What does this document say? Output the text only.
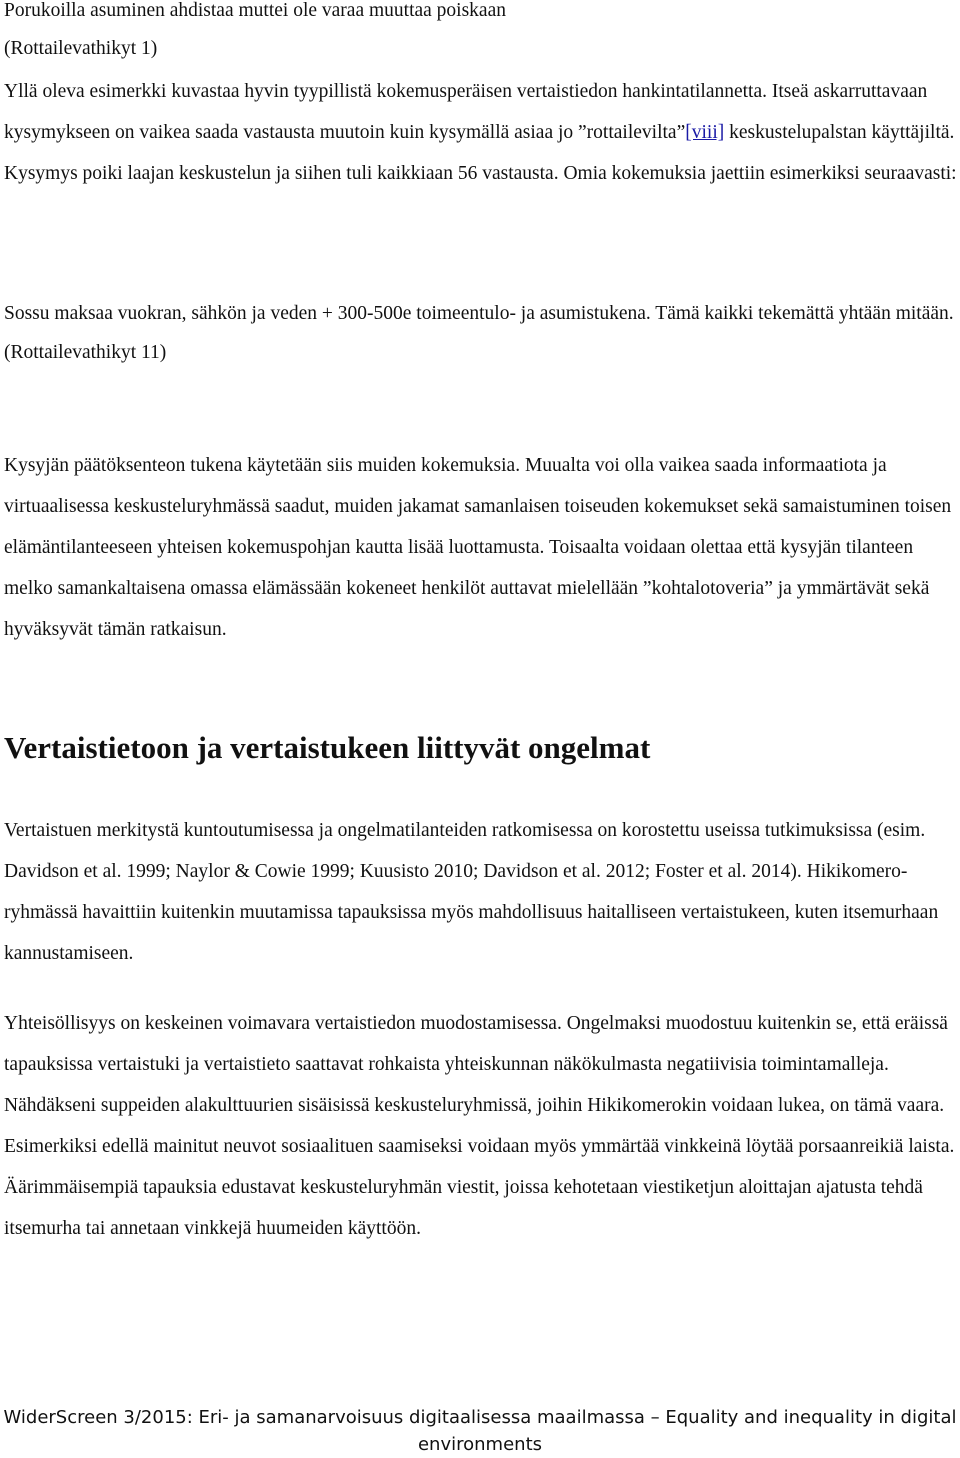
Porukoilla asuminen ahdistaa muttei ole varaa muuttaa poiskaan

(Rottailevathikyt 1)

Yllä oleva esimerkki kuvastaa hyvin tyypillistä kokemusperäisen vertaistiedon hankintatilannetta. Itseä askarruttavaan kysymykseen on vaikea saada vastausta muutoin kuin kysymällä asiaa jo ”rottailevilta”[viii] keskustelupalstan käyttäjiltä. Kysymys poiki laajan keskustelun ja siihen tuli kaikkiaan 56 vastausta. Omia kokemuksia jaettiin esimerkiksi seuraavasti:

Sossu maksaa vuokran, sähkön ja veden + 300-500e toimeentulo- ja asumistukena. Tämä kaikki tekemättä yhtään mitään.

(Rottailevathikyt 11)

Kysyjän päätöksenteon tukena käytetään siis muiden kokemuksia. Muualta voi olla vaikea saada informaatiota ja virtuaalisessa keskusteluryhmässä saadut, muiden jakamat samanlaisen toiseuden kokemukset sekä samaistuminen toisen elämäntilanteeseen yhteisen kokemuspohjan kautta lisää luottamusta. Toisaalta voidaan olettaa että kysyjän tilanteen melko samankaltaisena omassa elämässään kokeneet henkilöt auttavat mielellään ”kohtalotoveria” ja ymmärtävät sekä hyväksyvät tämän ratkaisun.

Vertaistietoon ja vertaistukeen liittyvät ongelmat

Vertaistuen merkitystä kuntoutumisessa ja ongelmatilanteiden ratkomisessa on korostettu useissa tutkimuksissa (esim. Davidson et al. 1999; Naylor & Cowie 1999; Kuusisto 2010; Davidson et al. 2012; Foster et al. 2014). Hikikomero-ryhmässä havaittiin kuitenkin muutamissa tapauksissa myös mahdollisuus haitalliseen vertaistukeen, kuten itsemurhaan kannustamiseen.

Yhteisöllisyys on keskeinen voimavara vertaistiedon muodostamisessa. Ongelmaksi muodostuu kuitenkin se, että eräissä tapauksissa vertaistuki ja vertaistieto saattavat rohkaista yhteiskunnan näkökulmasta negatiivisia toimintamalleja. Nähdäkseni suppeiden alakulttuurien sisäisissä keskusteluryhmissä, joihin Hikikomerokin voidaan lukea, on tämä vaara. Esimerkiksi edellä mainitut neuvot sosiaalituen saamiseksi voidaan myös ymmärtää vinkkeinä löytää porsaanreikiä laista. Äärimmäisempiä tapauksia edustavat keskusteluryhmän viestit, joissa kehotetaan viestiketjun aloittajan ajatusta tehdä itsemurha tai annetaan vinkkejä huumeiden käyttöön.

WiderScreen 3/2015: Eri- ja samanarvoisuus digitaalisessa maailmassa – Equality and inequality in digital environments
